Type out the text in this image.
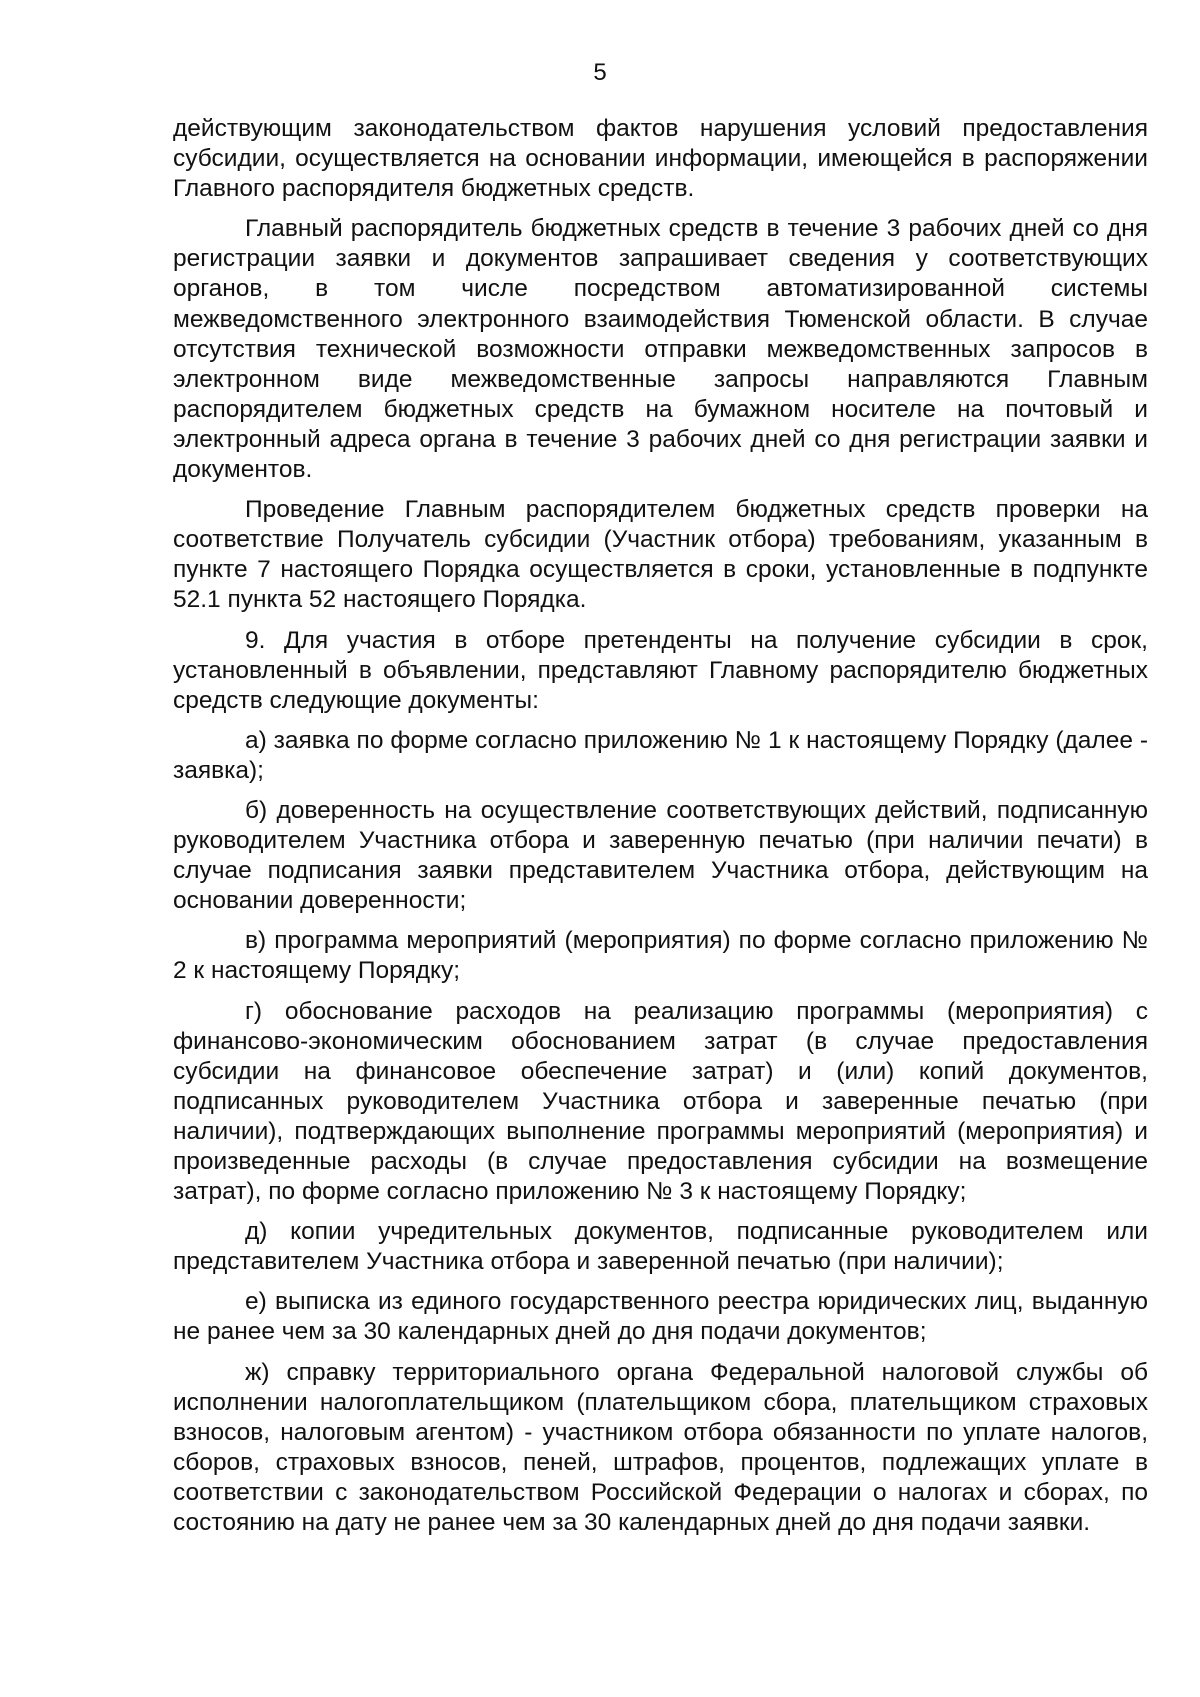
5

действующим законодательством фактов нарушения условий предоставления субсидии, осуществляется на основании информации, имеющейся в распоряжении Главного распорядителя бюджетных средств.

Главный распорядитель бюджетных средств в течение 3 рабочих дней со дня регистрации заявки и документов запрашивает сведения у соответствующих органов, в том числе посредством автоматизированной системы межведомственного электронного взаимодействия Тюменской области. В случае отсутствия технической возможности отправки межведомственных запросов в электронном виде межведомственные запросы направляются Главным распорядителем бюджетных средств на бумажном носителе на почтовый и электронный адреса органа в течение 3 рабочих дней со дня регистрации заявки и документов.

Проведение Главным распорядителем бюджетных средств проверки на соответствие Получатель субсидии (Участник отбора) требованиям, указанным в пункте 7 настоящего Порядка осуществляется в сроки, установленные в подпункте 52.1 пункта 52 настоящего Порядка.

9. Для участия в отборе претенденты на получение субсидии в срок, установленный в объявлении, представляют Главному распорядителю бюджетных средств следующие документы:

а) заявка по форме согласно приложению № 1 к настоящему Порядку (далее - заявка);

б) доверенность на осуществление соответствующих действий, подписанную руководителем Участника отбора и заверенную печатью (при наличии печати) в случае подписания заявки представителем Участника отбора, действующим на основании доверенности;

в) программа мероприятий (мероприятия) по форме согласно приложению № 2 к настоящему Порядку;

г) обоснование расходов на реализацию программы (мероприятия) с финансово-экономическим обоснованием затрат (в случае предоставления субсидии на финансовое обеспечение затрат) и (или) копий документов, подписанных руководителем Участника отбора и заверенные печатью (при наличии), подтверждающих выполнение программы мероприятий (мероприятия) и произведенные расходы (в случае предоставления субсидии на возмещение затрат), по форме согласно приложению № 3 к настоящему Порядку;

д) копии учредительных документов, подписанные руководителем или представителем Участника отбора и заверенной печатью (при наличии);

е) выписка из единого государственного реестра юридических лиц, выданную не ранее чем за 30 календарных дней до дня подачи документов;

ж) справку территориального органа Федеральной налоговой службы об исполнении налогоплательщиком (плательщиком сбора, плательщиком страховых взносов, налоговым агентом) - участником отбора обязанности по уплате налогов, сборов, страховых взносов, пеней, штрафов, процентов, подлежащих уплате в соответствии с законодательством Российской Федерации о налогах и сборах, по состоянию на дату не ранее чем за 30 календарных дней до дня подачи заявки.
